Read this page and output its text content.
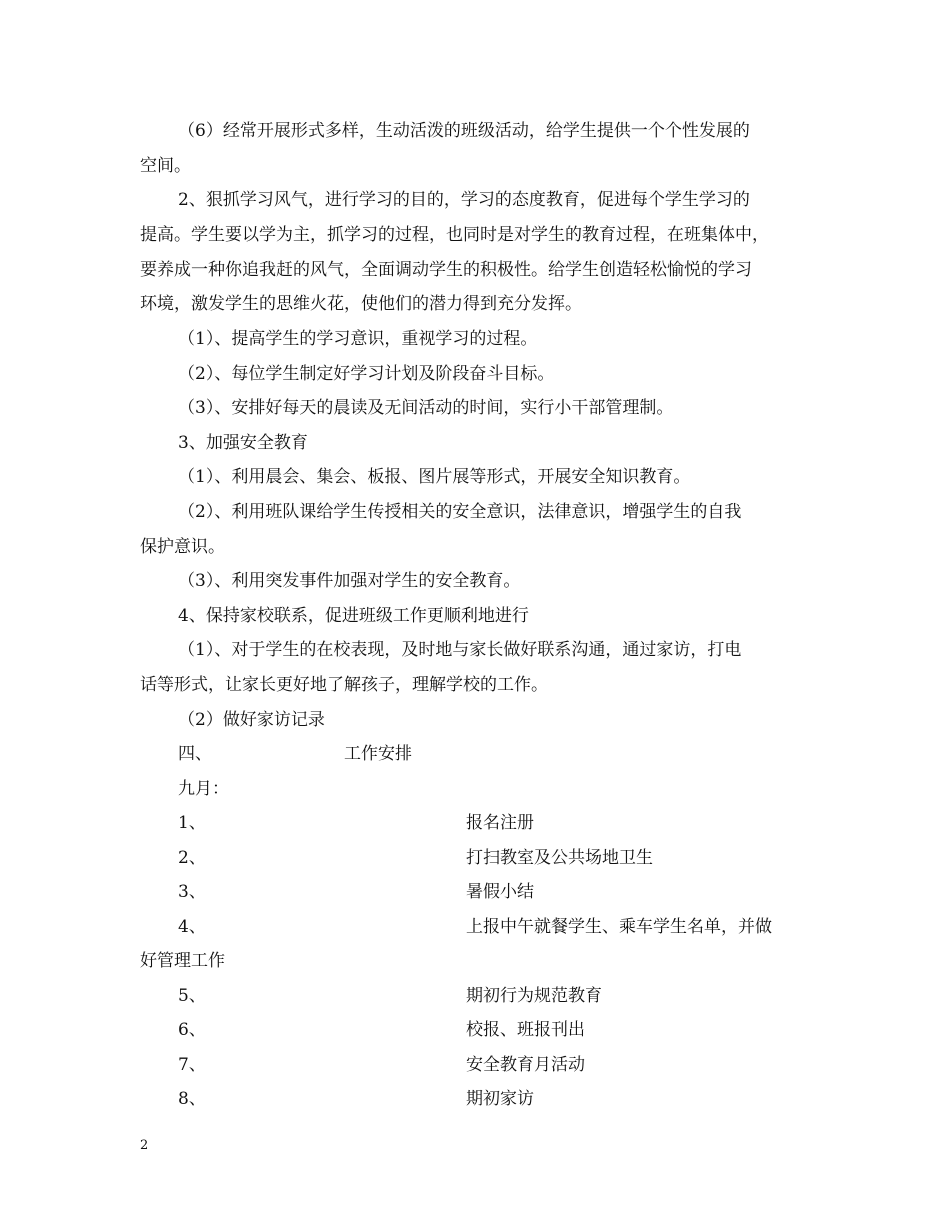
（6）经常开展形式多样，生动活泼的班级活动，给学生提供一个个性发展的
空间。
2、狠抓学习风气，进行学习的目的，学习的态度教育，促进每个学生学习的
提高。学生要以学为主，抓学习的过程，也同时是对学生的教育过程，在班集体中，
要养成一种你追我赶的风气，全面调动学生的积极性。给学生创造轻松愉悦的学习
环境，激发学生的思维火花，使他们的潜力得到充分发挥。
（1）、提高学生的学习意识，重视学习的过程。
（2）、每位学生制定好学习计划及阶段奋斗目标。
（3）、安排好每天的晨读及无间活动的时间，实行小干部管理制。
3、加强安全教育
（1）、利用晨会、集会、板报、图片展等形式，开展安全知识教育。
（2）、利用班队课给学生传授相关的安全意识，法律意识，增强学生的自我
保护意识。
（3）、利用突发事件加强对学生的安全教育。
4、保持家校联系，促进班级工作更顺利地进行
（1）、对于学生的在校表现，及时地与家长做好联系沟通，通过家访，打电
话等形式，让家长更好地了解孩子，理解学校的工作。
（2）做好家访记录
四、	工作安排
九月：
1、	报名注册
2、	打扫教室及公共场地卫生
3、	暑假小结
4、	上报中午就餐学生、乘车学生名单，并做
好管理工作
5、	期初行为规范教育
6、	校报、班报刊出
7、	安全教育月活动
8、	期初家访
2
